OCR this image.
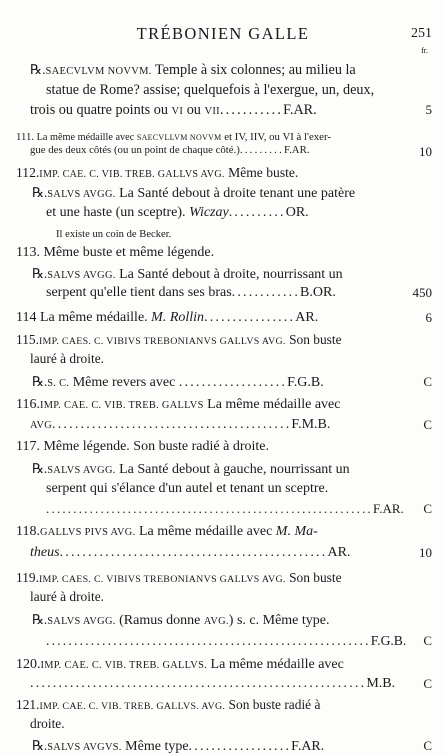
TRÉBONIEN GALLE	251
fr.
℞.SAECVLVM NOVVM. Temple à six colonnes; au milieu la
statue de Rome? assise; quelquefois à l'exergue, un, deux,
trois ou quatre points ou VI ou VII...........F.AR.	5
111. La même médaille avec SAECVLLVM NOVVM et IV, IIV, ou VI à l'exer-
gue des deux côtés (ou un point de chaque côté.).........F.AR.	10
112.IMP. CAE. C. VIB. TREB. GALLVS AVG. Même buste.
℞.SALVS AVGG. La Santé debout à droite tenant une patère
et une haste (un sceptre). Wiczay..........OR.
Il existe un coin de Becker.
113. Même buste et même légende.
℞.SALVS AVGG. La Santé debout à droite, nourrissant un
serpent qu'elle tient dans ses bras............B.OR.	450
114 La même médaille. M. Rollin................AR.	6
115.IMP. CAES. C. VIBIVS TREBONIANVS GALLVS AVG. Son buste
lauré à droite.
℞.S. C. Même revers avec ...................F.G.B.	C
116.IMP. CAE. C. VIB. TREB. GALLVS La même médaille avec
AVG..........................................F.M.B.	C
117. Même légende. Son buste radié à droite.
℞.SALVS AVGG. La Santé debout à gauche, nourrissant un
serpent qui s'élance d'un autel et tenant un sceptre.
............................................................F.AR. C
118.GALLVS PIVS AVG. La même médaille avec M. Ma-
theus...............................................AR.	10
119.IMP. CAES. C. VIBIVS TREBONIANVS GALLVS AVG. Son buste
lauré à droite.
℞.SALVS AVGG. (Ramus donne AVG.) s. c. Même type.
..........................................................F.G.B. C
120.IMP. CAE. C. VIB. TREB. GALLVS. La même médaille avec
...........................................................M.B. C
121.IMP. CAE. C. VIB. TREB. GALLVS. AVG. Son buste radié à
droite.
℞.SALVS AVGVS. Même type..................F.AR.	C
